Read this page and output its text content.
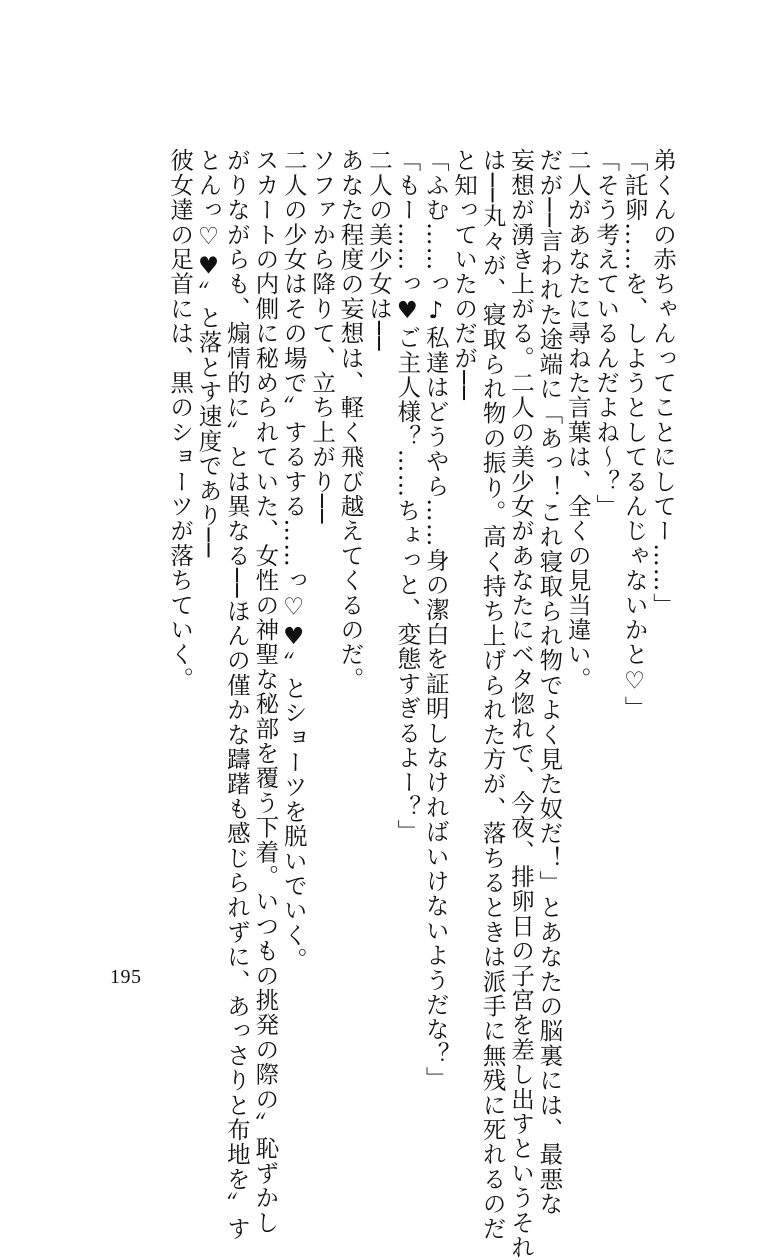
弟くんの赤ちゃんってことにしてー……」
「託卵……を、しようとしてるんじゃないかと♡」
「そう考えているんだよね～？」
二人があなたに尋ねた言葉は、全くの見当違い。
だが──言われた途端に「あっ！これ寝取られ物でよく見た奴だ！」とあなたの脳裏には、最悪な
妄想が湧き上がる。二人の美少女があなたにベタ惚れで、今夜、排卵日の子宮を差し出すというそれ
は──丸々が、寝取られ物の振り。高く持ち上げられた方が、落ちるときは派手に無残に死れるのだ
と知っていたのだが──
「ふむ……っ♪私達はどうやら……身の潔白を証明しなければいけないようだな？」
「もー……っ♥ご主人様？……ちょっと、変態すぎるよー？」
二人の美少女は──
あなた程度の妄想は、軽く飛び越えてくるのだ。
ソファから降りて、立ち上がり──
二人の少女はその場で〟するする……っ♡♥〟とショーツを脱いでいく。
スカートの内側に秘められていた、女性の神聖な秘部を覆う下着。いつもの挑発の際の〟恥ずかし
がりながらも、煽情的に〟とは異なる──ほんの僅かな躊躇も感じられずに、あっさりと布地を〟す
とんっ♡♥〟と落とす速度であり──
彼女達の足首には、黒のショーツが落ちていく。
195
